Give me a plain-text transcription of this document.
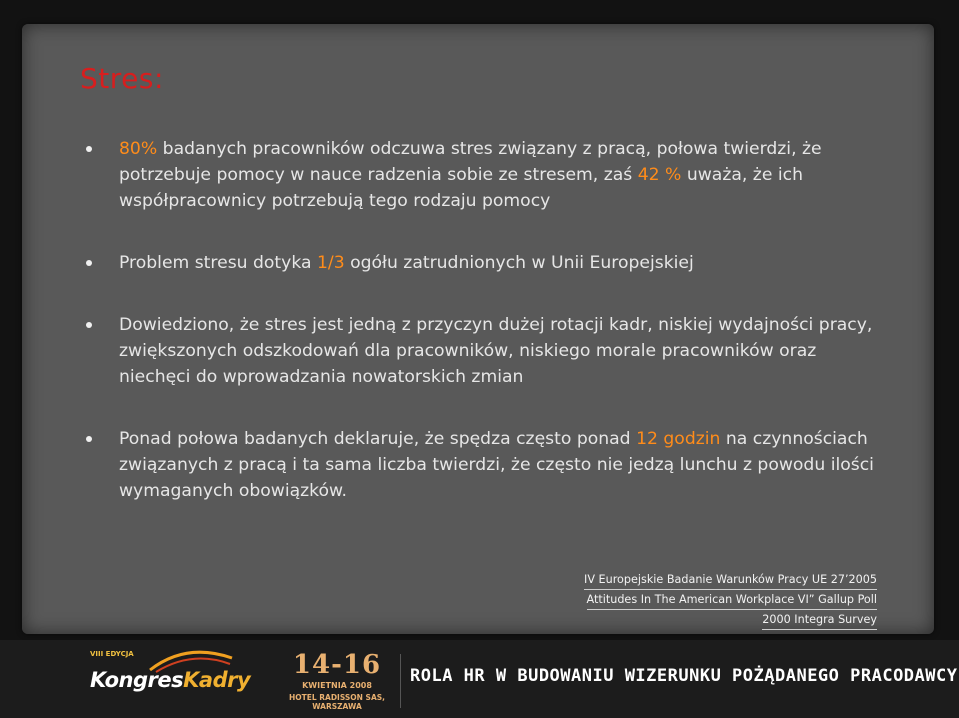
Stres:
80% badanych pracowników odczuwa stres związany z pracą, połowa twierdzi, że potrzebuje pomocy w nauce radzenia sobie ze stresem, zaś 42 % uważa, że ich współpracownicy potrzebują tego rodzaju pomocy
Problem stresu dotyka 1/3 ogółu zatrudnionych w Unii Europejskiej
Dowiedziono, że stres jest jedną z przyczyn dużej rotacji kadr, niskiej wydajności pracy, zwiększonych odszkodowań dla pracowników, niskiego morale pracowników oraz niechęci do wprowadzania nowatorskich zmian
Ponad połowa badanych deklaruje, że spędza często ponad 12 godzin na czynnościach związanych z pracą i ta sama liczba twierdzi, że często nie jedzą lunchu z powodu ilości wymaganych obowiązków.
IV Europejskie Badanie Warunków Pracy UE 27’2005
Attitudes In The American Workplace VI” Gallup Poll
2000 Integra Survey
VIII EDYCJA
KongresKadry	14-16
KWIETNIA 2008
HOTEL RADISSON SAS, WARSZAWA
ROLA HR W BUDOWANIU WIZERUNKU POŻĄDANEGO PRACODAWCY
